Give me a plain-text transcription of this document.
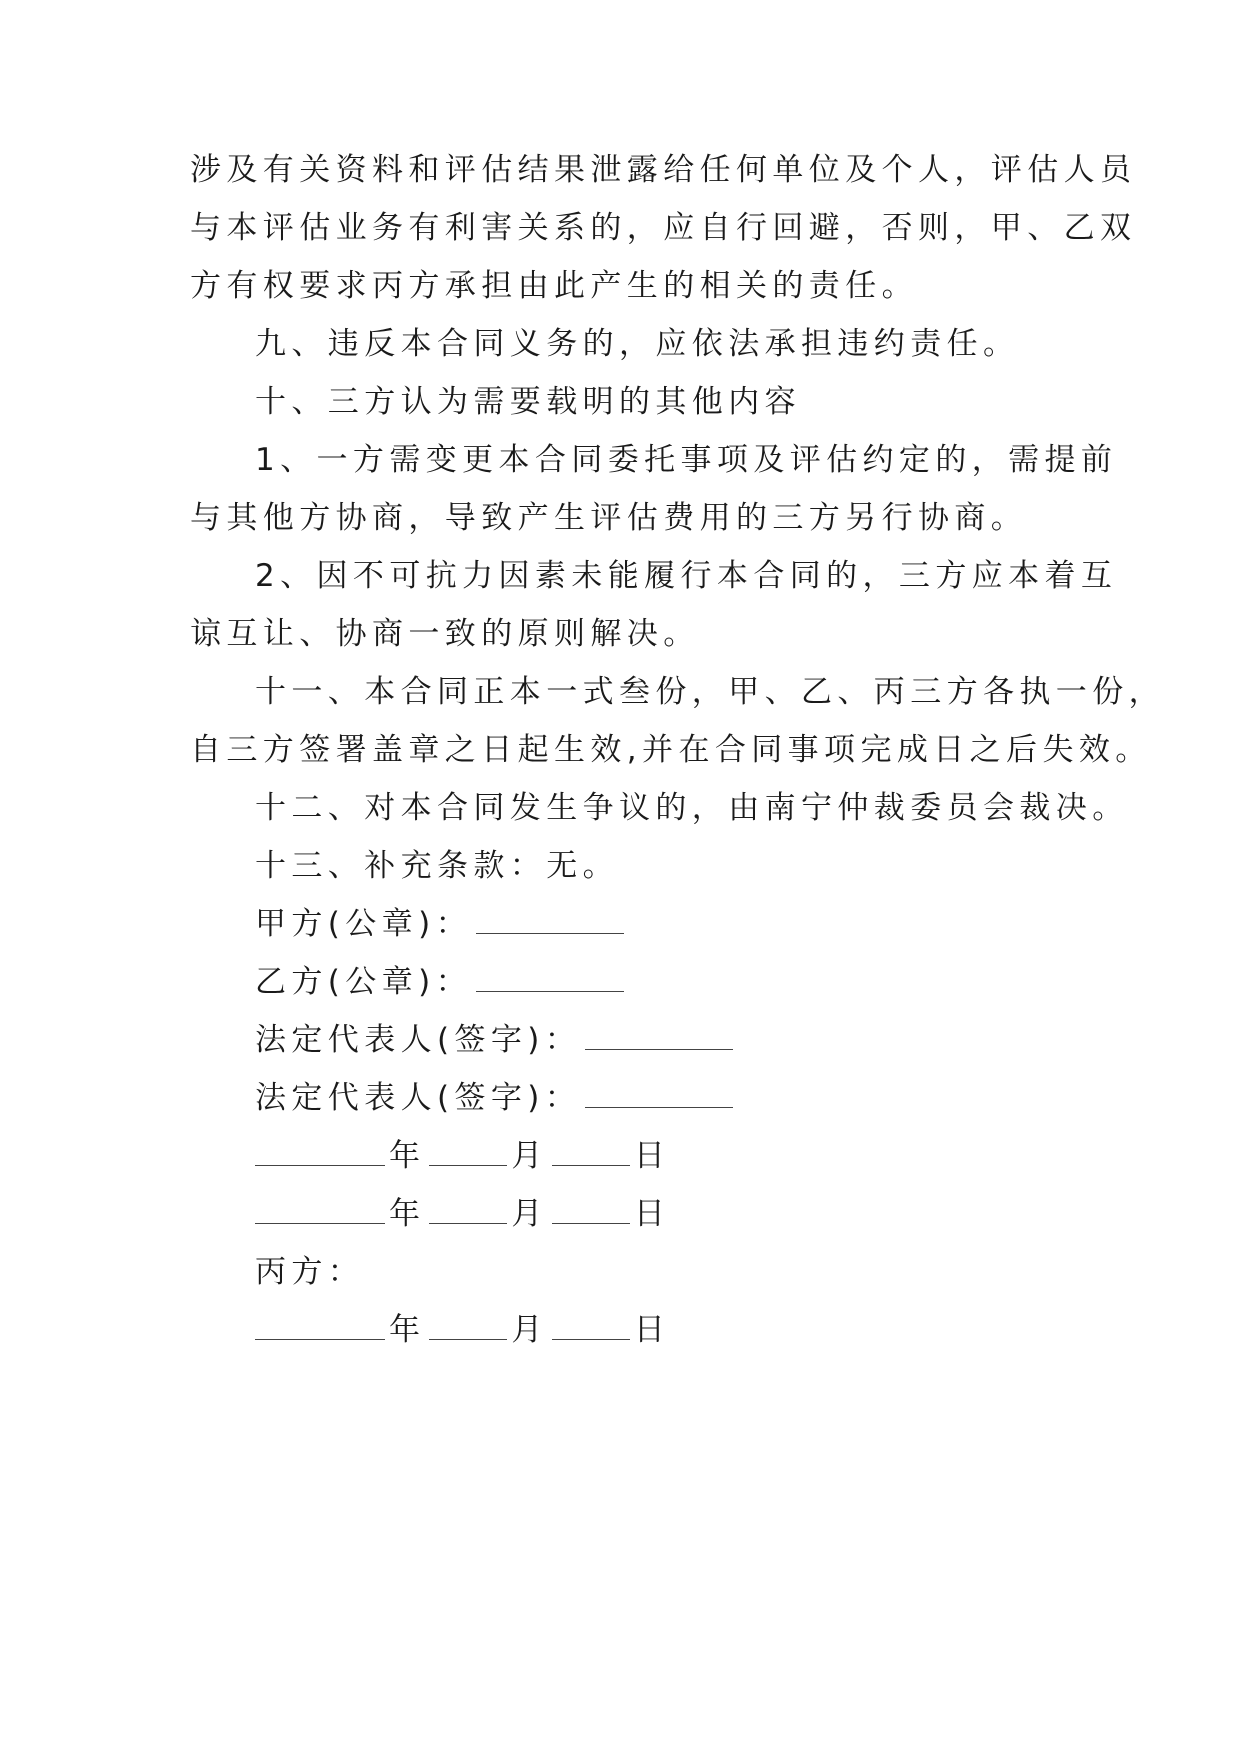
涉及有关资料和评估结果泄露给任何单位及个人，评估人员
与本评估业务有利害关系的，应自行回避，否则，甲、乙双
方有权要求丙方承担由此产生的相关的责任。
九、违反本合同义务的，应依法承担违约责任。
十、三方认为需要载明的其他内容
1、一方需变更本合同委托事项及评估约定的，需提前
与其他方协商，导致产生评估费用的三方另行协商。
2、因不可抗力因素未能履行本合同的，三方应本着互
谅互让、协商一致的原则解决。
十一、本合同正本一式叁份，甲、乙、丙三方各执一份，
自三方签署盖章之日起生效,并在合同事项完成日之后失效。
十二、对本合同发生争议的，由南宁仲裁委员会裁决。
十三、补充条款：无。
甲方(公章)：
乙方(公章)：
法定代表人(签字)：
法定代表人(签字)：
年	月	日
年	月	日
丙方：
年	月	日
